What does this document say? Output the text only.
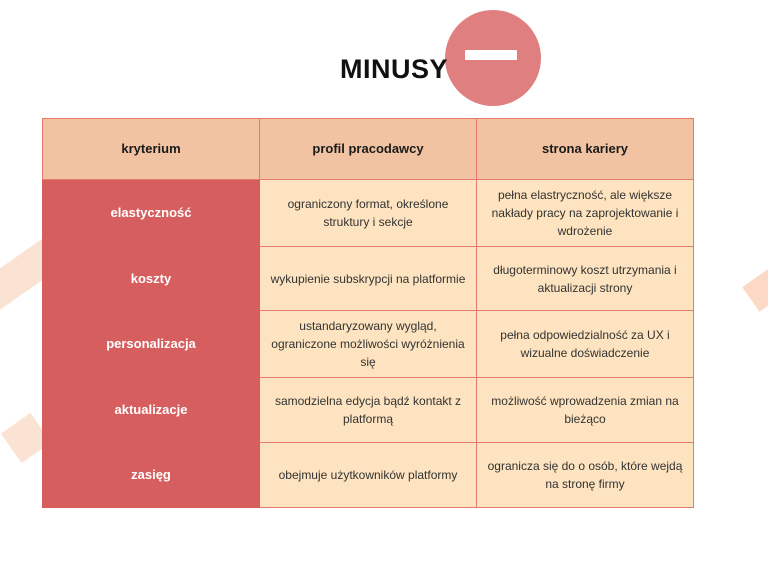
MINUSY
kryterium	profil pracodawcy	strona kariery
elastyczność	ograniczony format, określone struktury i sekcje	pełna elastryczność, ale większe nakłady pracy na zaprojektowanie i wdrożenie
koszty	wykupienie subskrypcji na platformie	długoterminowy koszt utrzymania i aktualizacji strony
personalizacja	ustandaryzowany wygląd, ograniczone możliwości wyróżnienia się	pełna odpowiedzialność za UX i wizualne doświadczenie
aktualizacje	samodzielna edycja bądź kontakt z platformą	możliwość wprowadzenia zmian na bieżąco
zasięg	obejmuje użytkowników platformy	ogranicza się do o osób, które wejdą na stronę firmy
